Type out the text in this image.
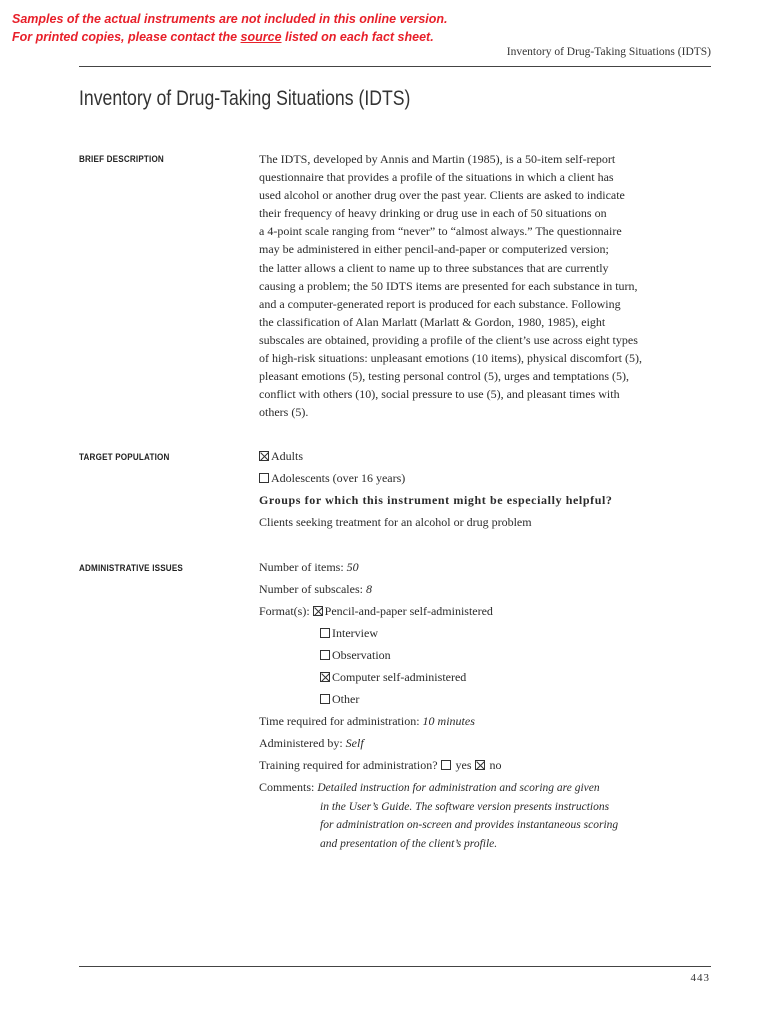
Samples of the actual instruments are not included in this online version.
For printed copies, please contact the source listed on each fact sheet.
Inventory of Drug-Taking Situations (IDTS)
Inventory of Drug-Taking Situations (IDTS)
BRIEF DESCRIPTION	The IDTS, developed by Annis and Martin (1985), is a 50-item self-report
questionnaire that provides a profile of the situations in which a client has
used alcohol or another drug over the past year. Clients are asked to indicate
their frequency of heavy drinking or drug use in each of 50 situations on
a 4-point scale ranging from “never” to “almost always.” The questionnaire
may be administered in either pencil-and-paper or computerized version;
the latter allows a client to name up to three substances that are currently
causing a problem; the 50 IDTS items are presented for each substance in turn,
and a computer-generated report is produced for each substance. Following
the classification of Alan Marlatt (Marlatt & Gordon, 1980, 1985), eight
subscales are obtained, providing a profile of the client’s use across eight types
of high-risk situations: unpleasant emotions (10 items), physical discomfort (5),
pleasant emotions (5), testing personal control (5), urges and temptations (5),
conflict with others (10), social pressure to use (5), and pleasant times with
others (5).
TARGET POPULATION	Adults
Adolescents (over 16 years)
Groups for which this instrument might be especially helpful?
Clients seeking treatment for an alcohol or drug problem
ADMINISTRATIVE ISSUES	Number of items: 50
Number of subscales: 8
Format(s): Pencil-and-paper self-administered
Interview
Observation
Computer self-administered
Other
Time required for administration: 10 minutes
Administered by: Self
Training required for administration?  yes no
Comments: Detailed instruction for administration and scoring are given
in the User’s Guide. The software version presents instructions
for administration on-screen and provides instantaneous scoring
and presentation of the client’s profile.
443
